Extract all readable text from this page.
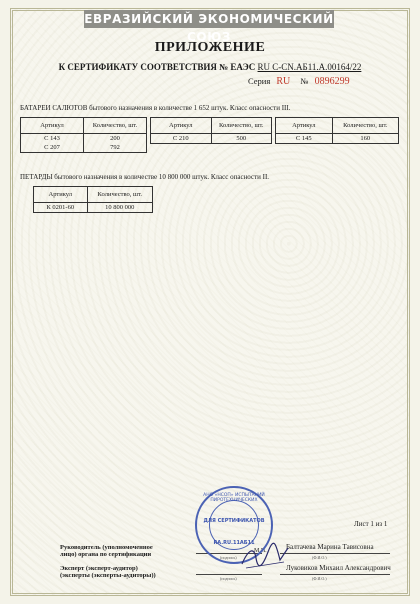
ЕВРАЗИЙСКИЙ ЭКОНОМИЧЕСКИЙ СОЮЗ
ПРИЛОЖЕНИЕ
К СЕРТИФИКАТУ СООТВЕТСТВИЯ № ЕАЭС RU C-CN.АБ11.А.00164/22
Серия RU № 0896299
БАТАРЕИ САЛЮТОВ бытового назначения в количестве 1 652 штук. Класс опасности III.
Артикул	Количество, шт.
С 143	200
С 207	792
Артикул	Количество, шт.
С 210	500
Артикул	Количество, шт.
С 145	160
ПЕТАРДЫ бытового назначения в количестве 10 800 000 штук. Класс опасности II.
Артикул	Количество, шт.
К 0201-60	10 800 000
Лист 1 из 1
Руководитель (уполномоченное
лицо) органа по сертификации	(подпись)
Балтачева Марина Тависовна
(Ф.И.О.)
Эксперт (эксперт-аудитор)
(эксперты (эксперты-аудиторы))	(подпись)
Луковиков Михаил Александрович
(Ф.И.О.)
М.П.
АНО «НСОП» ИСПЫТАНИЙ ПИРОТЕХНИЧЕСКИХ
ДЛЯ СЕРТИФИКАТОВ
RA.RU.11АБ11
